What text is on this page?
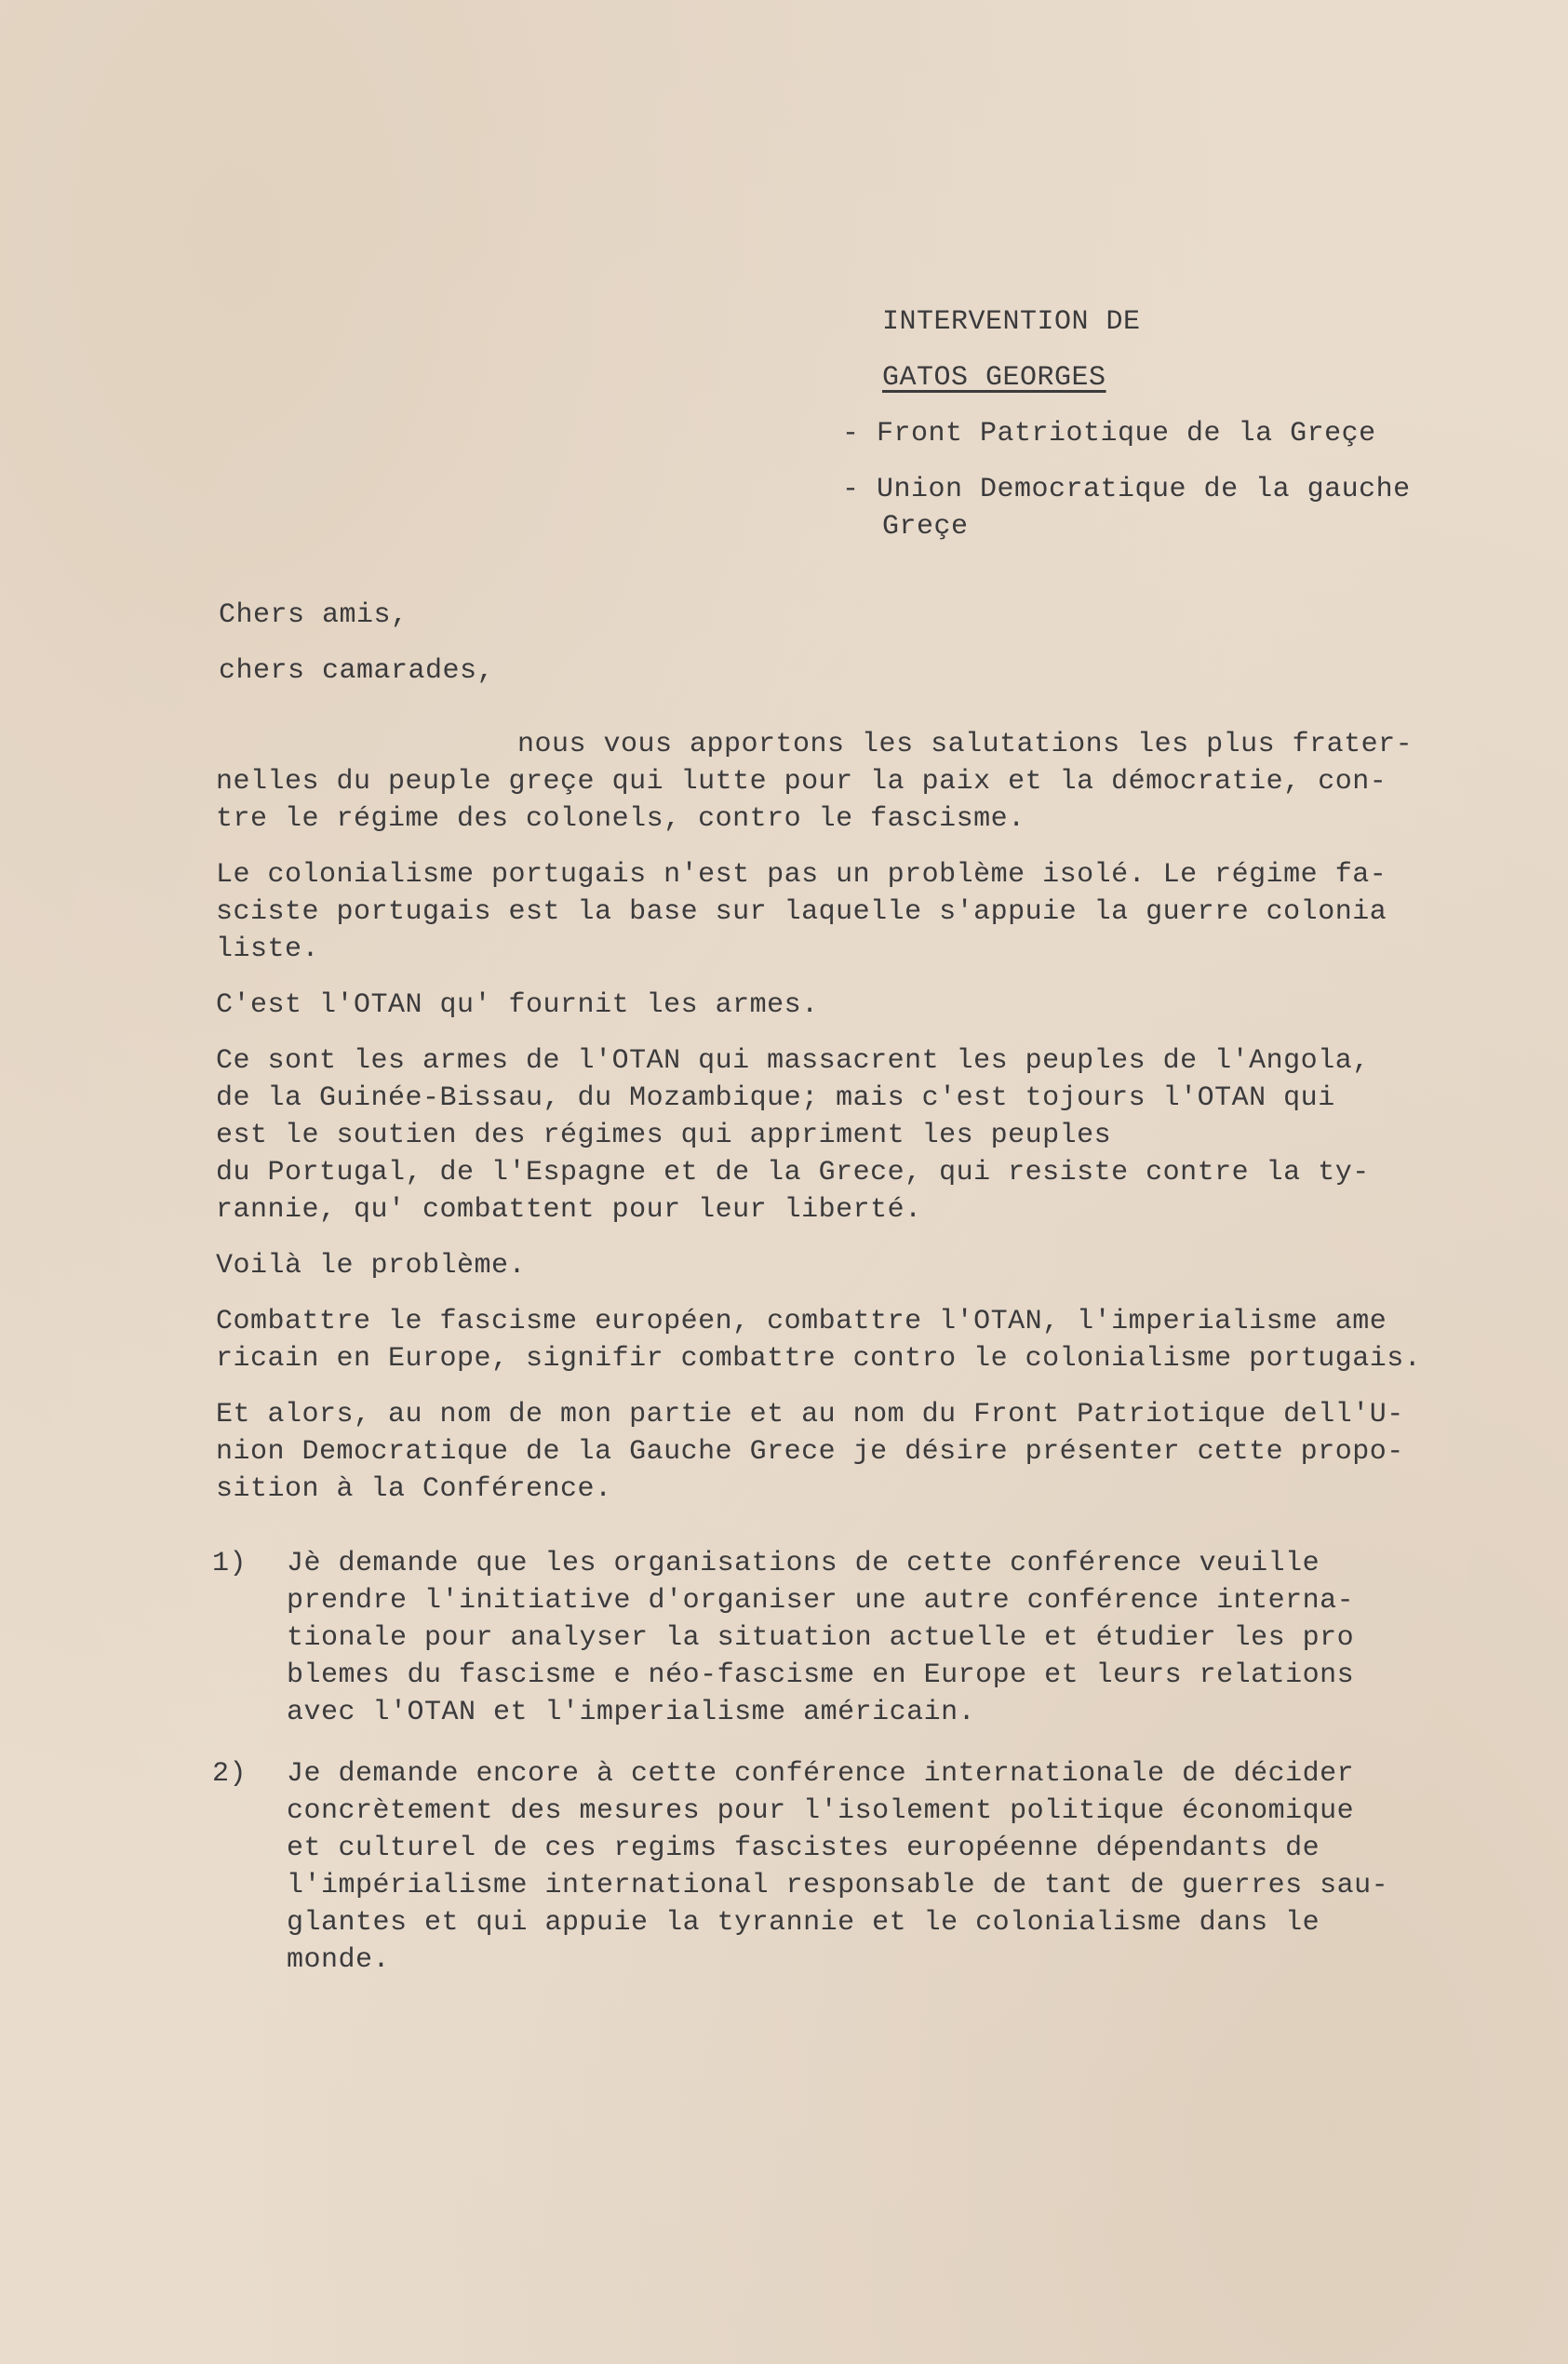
INTERVENTION DE
GATOS GEORGES
- Front Patriotique de la Greçe
- Union Democratique de la gauche
Greçe
Chers amis,
chers camarades,
nous vous apportons les salutations les plus frater-
nelles du peuple greçe qui lutte pour la paix et la démocratie, con-
tre le régime des colonels, contro le fascisme.
Le colonialisme portugais n'est pas un problème isolé. Le régime fa-
sciste portugais est la base sur laquelle s'appuie la guerre colonia
liste.
C'est l'OTAN qu' fournit les armes.
Ce sont les armes de l'OTAN qui massacrent les peuples de l'Angola,
de la Guinée-Bissau, du Mozambique; mais c'est tojours l'OTAN qui
est le soutien des régimes qui appriment les peuples
du Portugal, de l'Espagne et de la Grece, qui resiste contre la ty-
rannie, qu' combattent pour leur liberté.
Voilà le problème.
Combattre le fascisme européen, combattre l'OTAN, l'imperialisme ame
ricain en Europe, signifir combattre contro le colonialisme portugais.
Et alors, au nom de mon partie et au nom du Front Patriotique dell'U-
nion Democratique de la Gauche Grece je désire présenter cette propo-
sition à la Conférence.
1) Jè demande que les organisations de cette conférence veuille
prendre l'initiative d'organiser une autre conférence interna-
tionale pour analyser la situation actuelle et étudier les pro
blemes du fascisme e néo-fascisme en Europe et leurs relations
avec l'OTAN et l'imperialisme américain.
2) Je demande encore à cette conférence internationale de décider
concrètement des mesures pour l'isolement politique économique
et culturel de ces regims fascistes européenne dépendants de
l'impérialisme international responsable de tant de guerres sau-
glantes et qui appuie la tyrannie et le colonialisme dans le
monde.
